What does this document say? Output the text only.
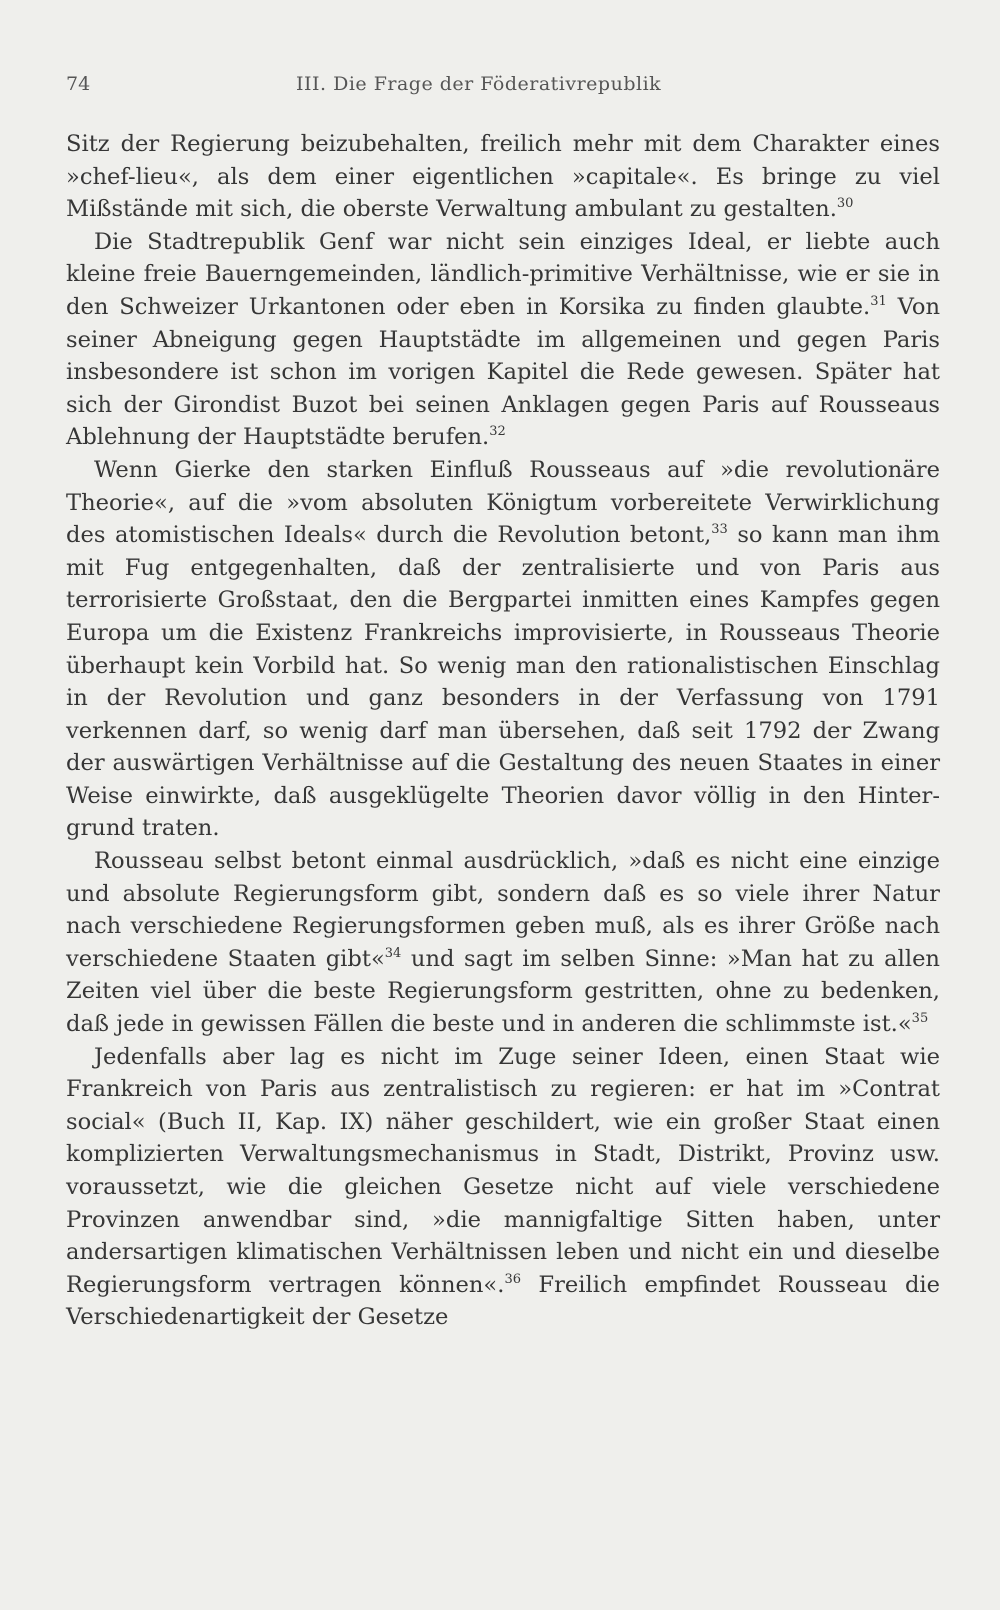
74	III. Die Frage der Föderativrepublik

Sitz der Regierung beizubehalten, freilich mehr mit dem Charakter eines »chef-lieu«, als dem einer eigentlichen »capitale«. Es bringe zu viel Mißstände mit sich, die oberste Verwaltung ambulant zu gestalten.$^{30}$

Die Stadtrepublik Genf war nicht sein einziges Ideal, er liebte auch kleine freie Bauerngemeinden, ländlich-primitive Verhältnisse, wie er sie in den Schweizer Urkantonen oder eben in Korsika zu finden glaubte.$^{31}$ Von seiner Abneigung gegen Hauptstädte im allgemeinen und gegen Paris insbesondere ist schon im vorigen Kapitel die Rede gewesen. Später hat sich der Girondist Buzot bei seinen Anklagen gegen Paris auf Rousseaus Ablehnung der Hauptstädte berufen.$^{32}$

Wenn Gierke den starken Einfluß Rousseaus auf »die revolutionäre Theorie«, auf die »vom absoluten Königtum vorbereitete Verwirklichung des atomistischen Ideals« durch die Revolution betont,$^{33}$ so kann man ihm mit Fug entgegenhalten, daß der zentralisierte und von Paris aus terrorisierte Großstaat, den die Bergpartei inmitten eines Kampfes gegen Europa um die Existenz Frankreichs improvisierte, in Rousseaus Theorie überhaupt kein Vorbild hat. So wenig man den rationalistischen Einschlag in der Revolution und ganz besonders in der Verfassung von 1791 verkennen darf, so wenig darf man übersehen, daß seit 1792 der Zwang der auswärtigen Verhältnisse auf die Gestaltung des neuen Staates in einer Weise einwirkte, daß ausgeklügelte Theorien davor völlig in den Hintergrund traten.

Rousseau selbst betont einmal ausdrücklich, »daß es nicht eine einzige und absolute Regierungsform gibt, sondern daß es so viele ihrer Natur nach verschiedene Regierungsformen geben muß, als es ihrer Größe nach verschiedene Staaten gibt«$^{34}$ und sagt im selben Sinne: »Man hat zu allen Zeiten viel über die beste Regierungsform gestritten, ohne zu bedenken, daß jede in gewissen Fällen die beste und in anderen die schlimmste ist.«$^{35}$

Jedenfalls aber lag es nicht im Zuge seiner Ideen, einen Staat wie Frankreich von Paris aus zentralistisch zu regieren: er hat im »Contrat social« (Buch II, Kap. IX) näher geschildert, wie ein großer Staat einen komplizierten Verwaltungsmechanismus in Stadt, Distrikt, Provinz usw. voraussetzt, wie die gleichen Gesetze nicht auf viele verschiedene Provinzen anwendbar sind, »die mannigfaltige Sitten haben, unter andersartigen klimatischen Verhältnissen leben und nicht ein und dieselbe Regierungsform vertragen können«.$^{36}$ Freilich empfindet Rousseau die Verschiedenartigkeit der Gesetze
